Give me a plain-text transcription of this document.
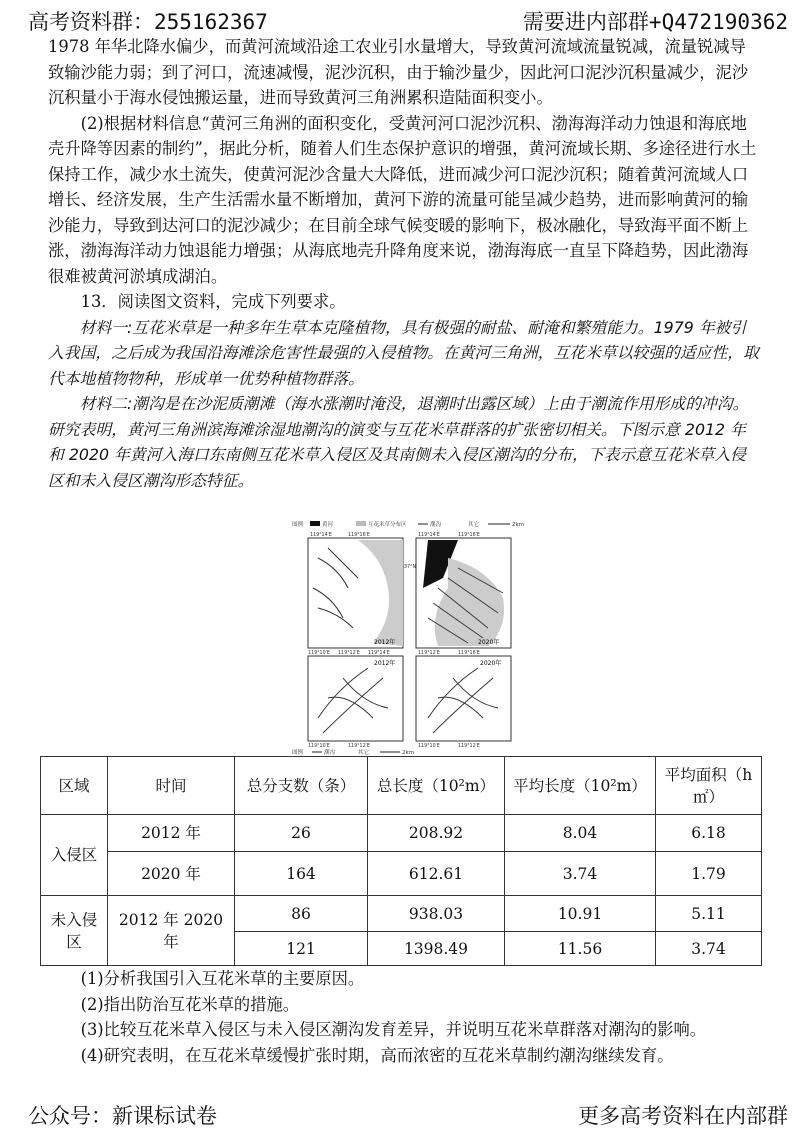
高考资料群：255162367	需要进内部群+Q472190362

1978 年华北降水偏少，而黄河流域沿途工农业引水量增大，导致黄河流域流量锐减，流量锐减导致输沙能力弱；到了河口，流速减慢，泥沙沉积，由于输沙量少，因此河口泥沙沉积量减少，泥沙沉积量小于海水侵蚀搬运量，进而导致黄河三角洲累积造陆面积变小。

(2)根据材料信息“黄河三角洲的面积变化，受黄河河口泥沙沉积、渤海海洋动力蚀退和海底地壳升降等因素的制约”，据此分析，随着人们生态保护意识的增强，黄河流域长期、多途径进行水土保持工作，减少水土流失，使黄河泥沙含量大大降低，进而减少河口泥沙沉积；随着黄河流域人口增长、经济发展，生产生活需水量不断增加，黄河下游的流量可能呈减少趋势，进而影响黄河的输沙能力，导致到达河口的泥沙减少；在目前全球气候变暖的影响下，极冰融化，导致海平面不断上涨，渤海海洋动力蚀退能力增强；从海底地壳升降角度来说，渤海海底一直呈下降趋势，因此渤海很难被黄河淤填成湖泊。

13．阅读图文资料，完成下列要求。

材料一:互花米草是一种多年生草本克隆植物，具有极强的耐盐、耐淹和繁殖能力。1979 年被引入我国，之后成为我国沿海滩涂危害性最强的入侵植物。在黄河三角洲，互花米草以较强的适应性，取代本地植物物种，形成单一优势种植物群落。

材料二:潮沟是在沙泥质潮滩（海水涨潮时淹没，退潮时出露区域）上由于潮流作用形成的冲沟。研究表明，黄河三角洲滨海滩涂湿地潮沟的演变与互花米草群落的扩张密切相关。下图示意 2012 年和 2020 年黄河入海口东南侧互花米草入侵区及其南侧未入侵区潮沟的分布，下表示意互花米草入侵区和未入侵区潮沟形态特征。

图例	黄河	互花米草分布区	潮沟	其它	2km
2012年	2020年
2012年	2020年
119°14′E	119°16′E	119°14′E	119°16′E
119°10′E 119°12′E 119°14′E	119°12′E	119°16′E
119°10′E	119°12′E	119°10′E	119°12′E
37°N
图例	潮沟	其它	2km
区域	时间	总分支数（条）	总长度（10²m）	平均长度（10²m）	平均面积（h㎡）
入侵区	2012 年	26	208.92	8.04	6.18
	2020 年	164	612.61	3.74	1.79
未入侵区	2012 年 2020 年	86	938.03	10.91	5.11
		121	1398.49	11.56	3.74

(1)分析我国引入互花米草的主要原因。

(2)指出防治互花米草的措施。

(3)比较互花米草入侵区与未入侵区潮沟发育差异，并说明互花米草群落对潮沟的影响。

(4)研究表明，在互花米草缓慢扩张时期，高而浓密的互花米草制约潮沟继续发育。

公众号：新课标试卷	更多高考资料在内部群
